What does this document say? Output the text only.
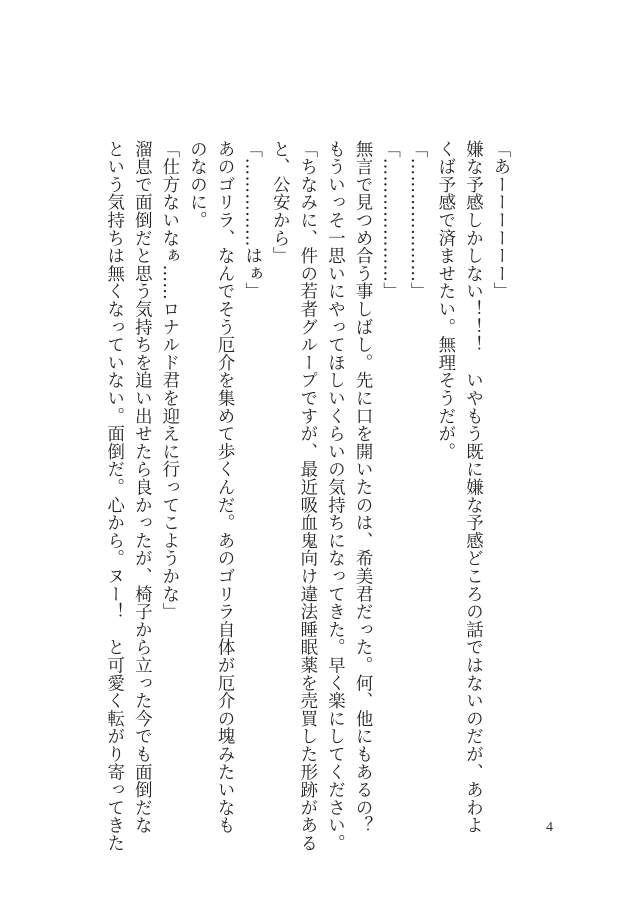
「あーーーーーー」

嫌な予感しかしない！！！　いやもう既に嫌な予感どころの話ではないのだが、あわよ

くば予感で済ませたい。無理そうだが。

「…………………」

「…………………」

無言で見つめ合う事しばし。先に口を開いたのは、希美君だった。何、他にもあるの？

もういっそ一思いにやってほしいくらいの気持ちになってきた。早く楽にしてください。

「ちなみに、件の若者グループですが、最近吸血鬼向け違法睡眠薬を売買した形跡がある

と、公安から」

「……………はぁ」

あのゴリラ、なんでそう厄介を集めて歩くんだ。あのゴリラ自体が厄介の塊みたいなも

のなのに。

「仕方ないなぁ……ロナルド君を迎えに行ってこようかな」

溜息で面倒だと思う気持ちを追い出せたら良かったが、椅子から立った今でも面倒だな

という気持ちは無くなっていない。面倒だ。心から。ヌー！　と可愛く転がり寄ってきた	4
